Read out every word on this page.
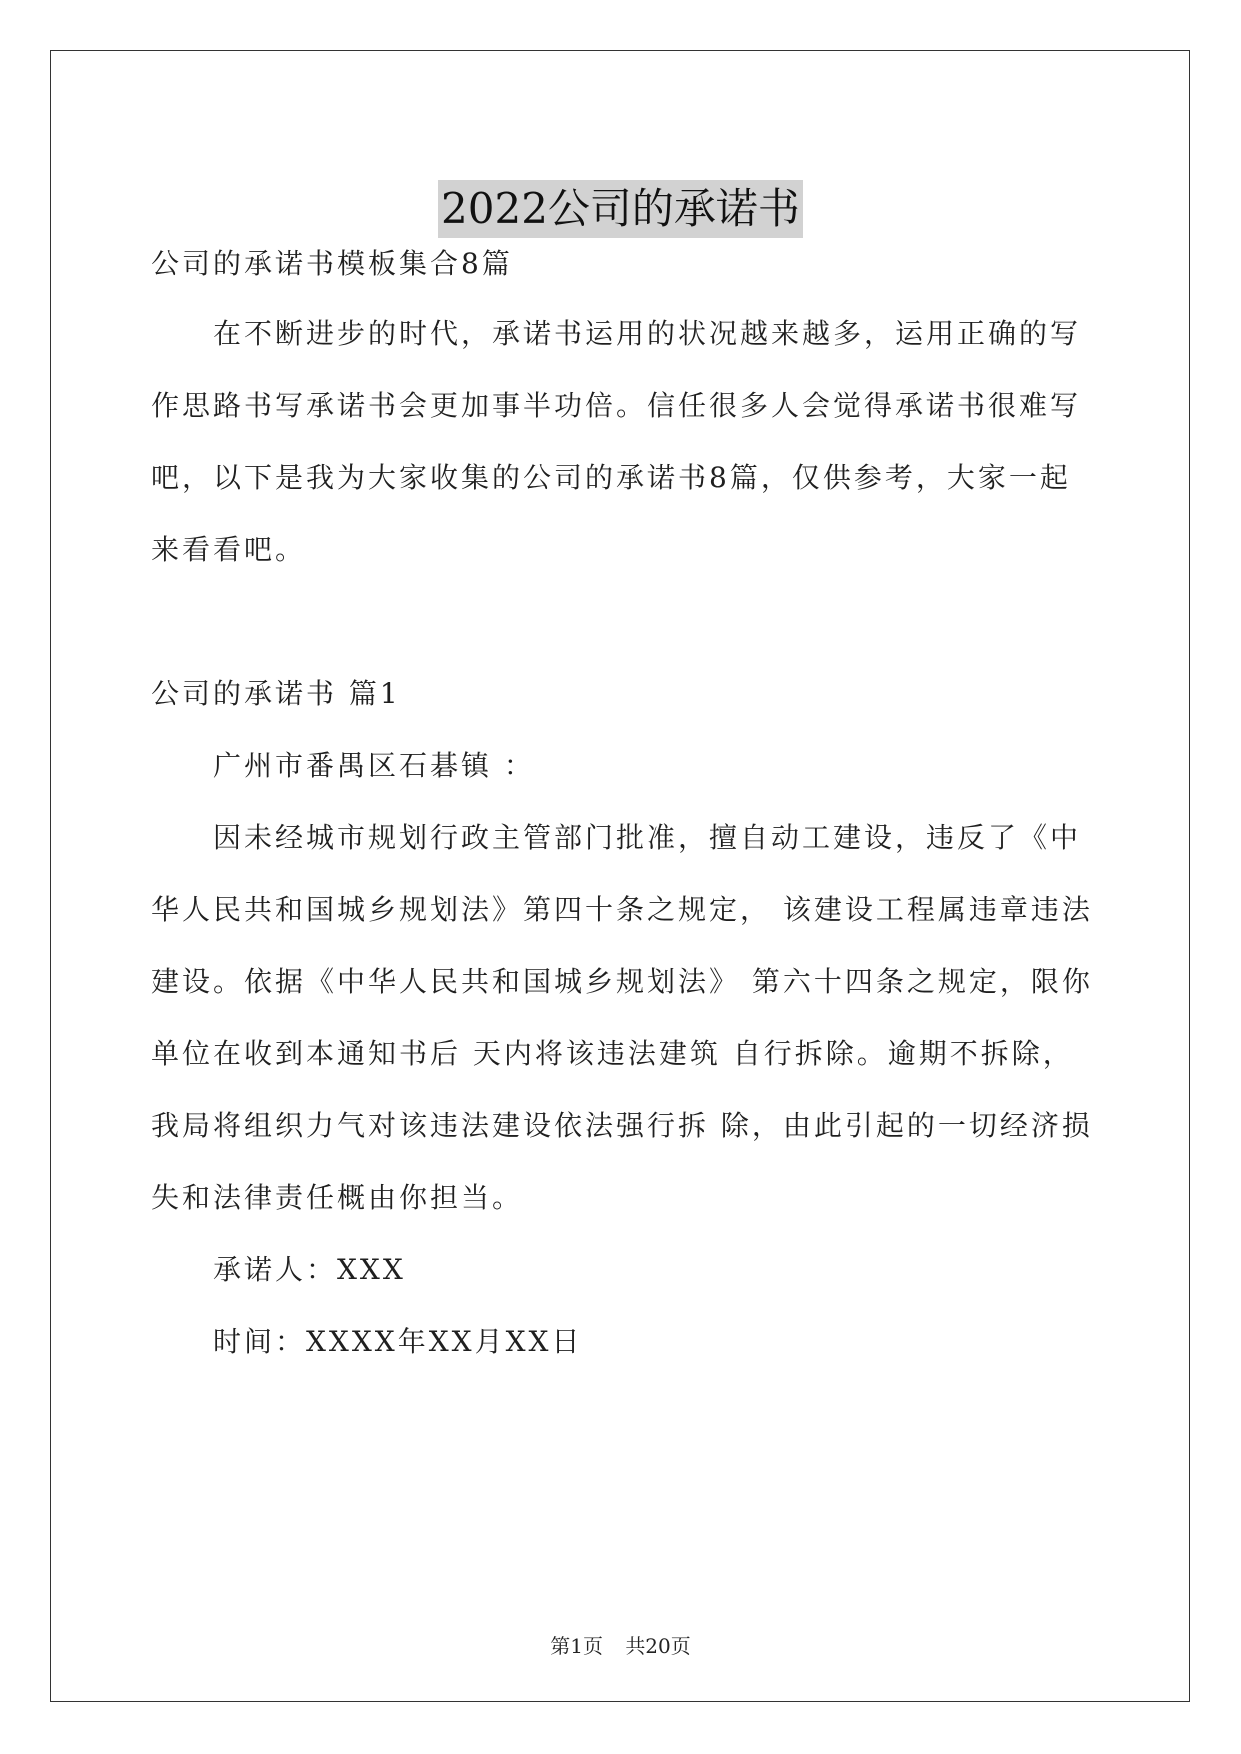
2022公司的承诺书
公司的承诺书模板集合8篇
在不断进步的时代，承诺书运用的状况越来越多，运用正确的写
作思路书写承诺书会更加事半功倍。信任很多人会觉得承诺书很难写
吧，以下是我为大家收集的公司的承诺书8篇，仅供参考，大家一起
来看看吧。
公司的承诺书 篇1
广州市番禺区石碁镇 ：
因未经城市规划行政主管部门批准，擅自动工建设，违反了《中
华人民共和国城乡规划法》第四十条之规定， 该建设工程属违章违法
建设。依据《中华人民共和国城乡规划法》 第六十四条之规定，限你
单位在收到本通知书后 天内将该违法建筑 自行拆除。逾期不拆除，
我局将组织力气对该违法建设依法强行拆 除，由此引起的一切经济损
失和法律责任概由你担当。
承诺人：XXX
时间：XXXX年XX月XX日
第1页 共20页
